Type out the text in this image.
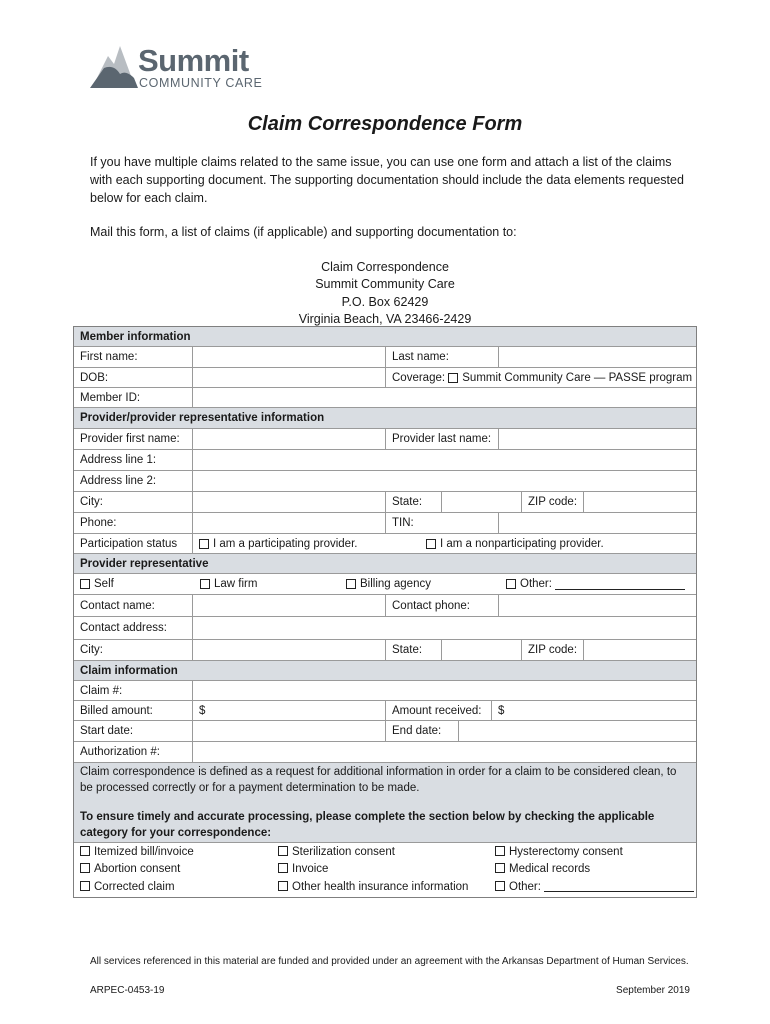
Summit
COMMUNITY CARE
Claim Correspondence Form
If you have multiple claims related to the same issue, you can use one form and attach a list of the claims with each supporting document. The supporting documentation should include the data elements requested below for each claim.
Mail this form, a list of claims (if applicable) and supporting documentation to:
Claim Correspondence
Summit Community Care
P.O. Box 62429
Virginia Beach, VA 23466-2429
Member information
First name:	Last name:
DOB:	Coverage:
Summit Community Care — PASSE program
Member ID:
Provider/provider representative information
Provider first name:	Provider last name:
Address line 1:
Address line 2:
City:	State:	ZIP code:
Phone:	TIN:
Participation status	I am a participating provider.	I am a nonparticipating provider.
Provider representative
Self	Law firm	Billing agency	Other:
Contact name:	Contact phone:
Contact address:
City:	State:	ZIP code:
Claim information
Claim #:
Billed amount:	$	Amount received:	$
Start date:	End date:
Authorization #:
Claim correspondence is defined as a request for additional information in order for a claim to be considered clean, to be processed correctly or for a payment determination to be made.
To ensure timely and accurate processing, please complete the section below by checking the applicable category for your correspondence:
Itemized bill/invoice	Sterilization consent	Hysterectomy consent
Abortion consent	Invoice	Medical records
Corrected claim	Other health insurance information	Other:
All services referenced in this material are funded and provided under an agreement with the Arkansas Department of Human Services.
ARPEC-0453-19	September 2019
